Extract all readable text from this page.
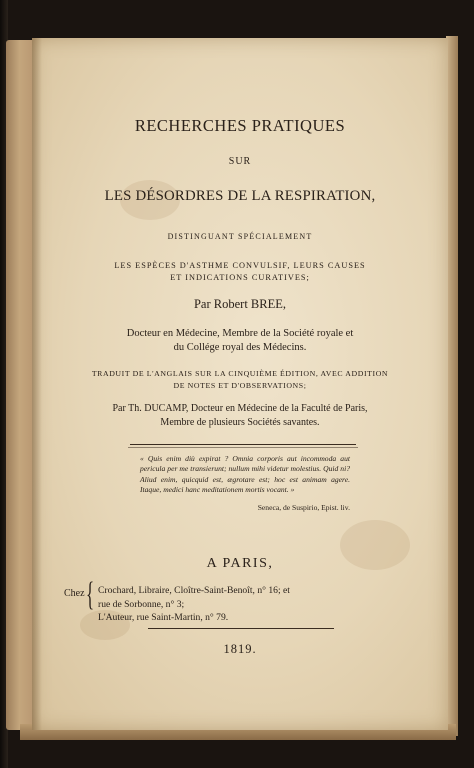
RECHERCHES PRATIQUES
SUR
LES DÉSORDRES DE LA RESPIRATION,
DISTINGUANT SPÉCIALEMENT
LES ESPÈCES D'ASTHME CONVULSIF, LEURS CAUSES
ET INDICATIONS CURATIVES;
Par Robert BREE,
Docteur en Médecine, Membre de la Société royale et
du Collége royal des Médecins.
TRADUIT DE L'ANGLAIS SUR LA CINQUIÈME ÉDITION, AVEC ADDITION
DE NOTES ET D'OBSERVATIONS;
Par Th. DUCAMP, Docteur en Médecine de la Faculté de Paris,
Membre de plusieurs Sociétés savantes.
« Quis enim diù expirat ? Omnia corporis aut incommoda aut pericula per me transierunt; nullum mihi videtur molestius. Quid ni? Aliud enim, quicquid est, ægrotare est; hoc est animam agere. Itaque, medici hanc meditationem mortis vocant. »
Seneca, de Suspirio, Epist. liv.
A PARIS,
Chez { Crochard, Libraire, Cloître-Saint-Benoît, n° 16; et
rue de Sorbonne, n° 3;
L'Auteur, rue Saint-Martin, n° 79.
1819.
